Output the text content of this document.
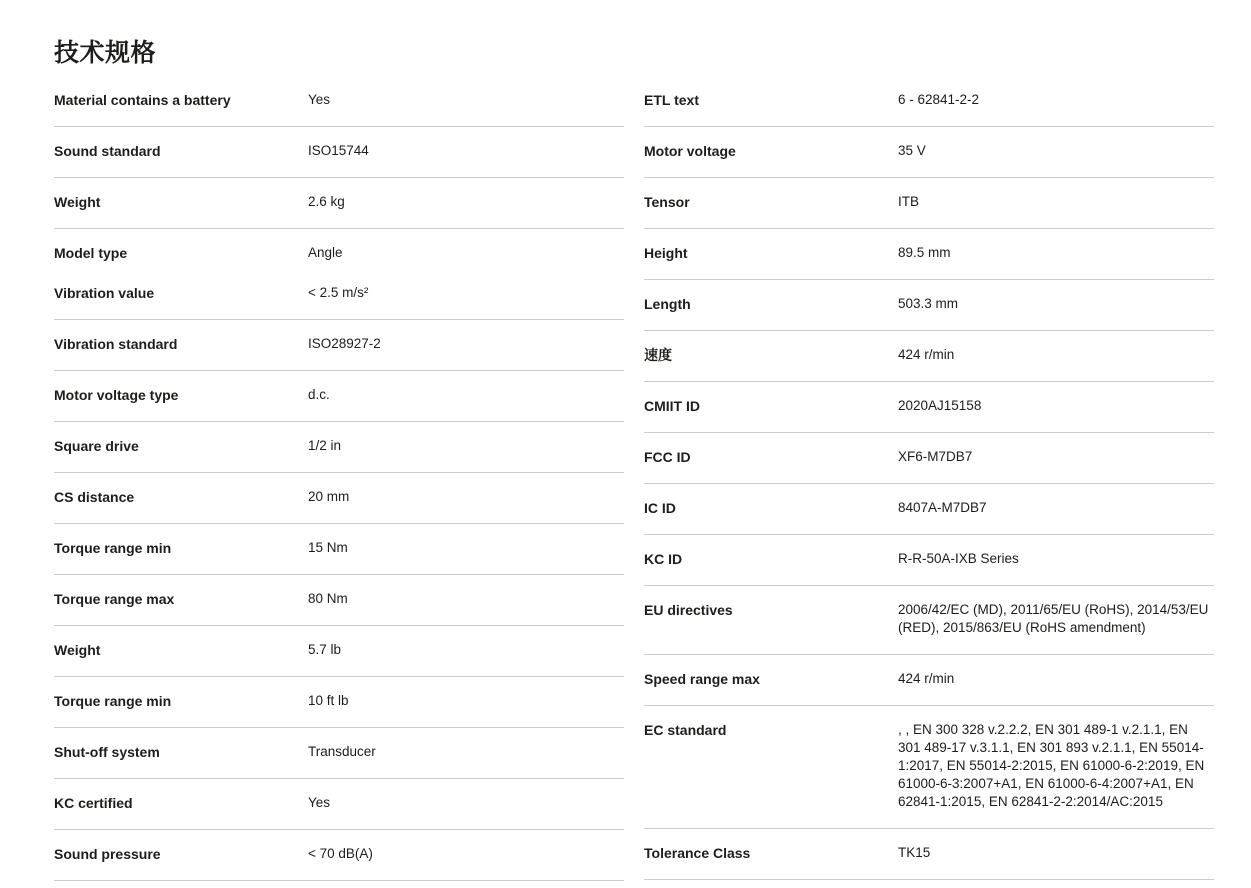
技术规格
Material contains a battery	Yes
Sound standard	ISO15744
Weight	2.6 kg
Model type	Angle
Vibration value	< 2.5 m/s²
Vibration standard	ISO28927-2
Motor voltage type	d.c.
Square drive	1/2 in
CS distance	20 mm
Torque range min	15 Nm
Torque range max	80 Nm
Weight	5.7 lb
Torque range min	10 ft lb
Shut-off system	Transducer
KC certified	Yes
Sound pressure	< 70 dB(A)
ETL text	6 - 62841-2-2
Motor voltage	35 V
Tensor	ITB
Height	89.5 mm
Length	503.3 mm
速度	424 r/min
CMIIT ID	2020AJ15158
FCC ID	XF6-M7DB7
IC ID	8407A-M7DB7
KC ID	R-R-50A-IXB Series
EU directives	2006/42/EC (MD), 2011/65/EU (RoHS), 2014/53/EU (RED), 2015/863/EU (RoHS amendment)
Speed range max	424 r/min
EC standard	, , EN 300 328 v.2.2.2, EN 301 489-1 v.2.1.1, EN 301 489-17 v.3.1.1, EN 301 893 v.2.1.1, EN 55014-1:2017, EN 55014-2:2015, EN 61000-6-2:2019, EN 61000-6-3:2007+A1, EN 61000-6-4:2007+A1, EN 62841-1:2015, EN 62841-2-2:2014/AC:2015
Tolerance Class	TK15
